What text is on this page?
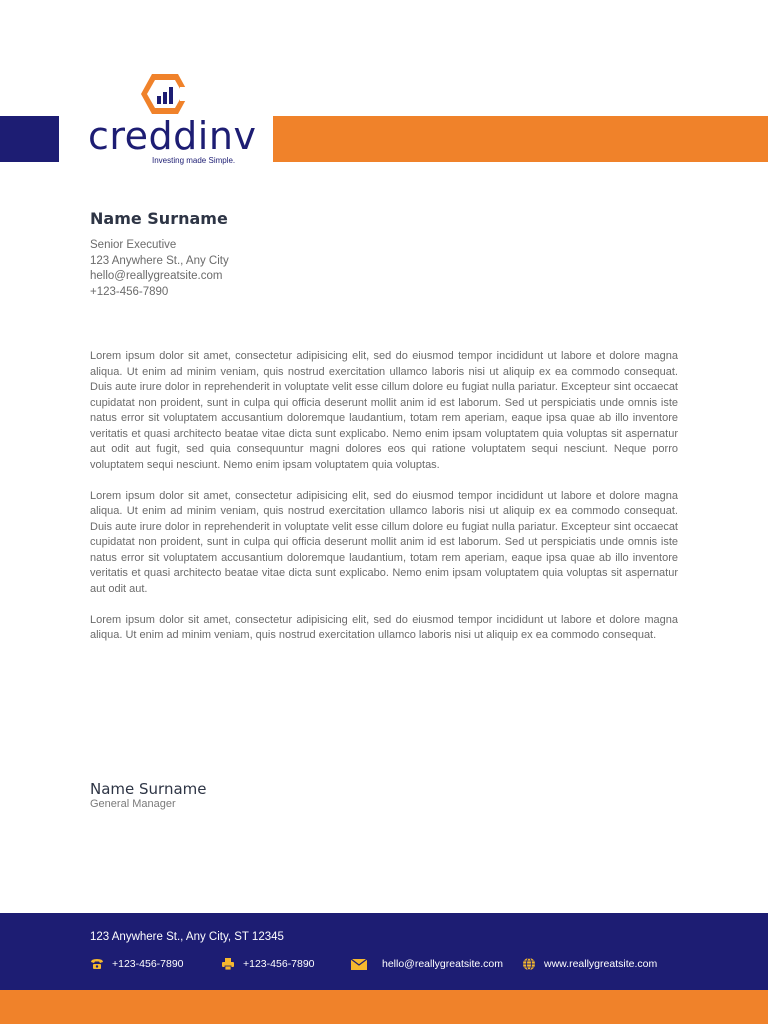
creddinv
Investing made Simple.
Name Surname
Senior Executive
123 Anywhere St., Any City
hello@reallygreatsite.com
+123-456-7890

Lorem ipsum dolor sit amet, consectetur adipisicing elit, sed do eiusmod tempor incididunt ut labore et dolore magna aliqua. Ut enim ad minim veniam, quis nostrud exercitation ullamco laboris nisi ut aliquip ex ea commodo consequat. Duis aute irure dolor in reprehenderit in voluptate velit esse cillum dolore eu fugiat nulla pariatur. Excepteur sint occaecat cupidatat non proident, sunt in culpa qui officia deserunt mollit anim id est laborum. Sed ut perspiciatis unde omnis iste natus error sit voluptatem accusantium doloremque laudantium, totam rem aperiam, eaque ipsa quae ab illo inventore veritatis et quasi architecto beatae vitae dicta sunt explicabo. Nemo enim ipsam voluptatem quia voluptas sit aspernatur aut odit aut fugit, sed quia consequuntur magni dolores eos qui ratione voluptatem sequi nesciunt. Neque porro voluptatem sequi nesciunt. Nemo enim ipsam voluptatem quia voluptas.

Lorem ipsum dolor sit amet, consectetur adipisicing elit, sed do eiusmod tempor incididunt ut labore et dolore magna aliqua. Ut enim ad minim veniam, quis nostrud exercitation ullamco laboris nisi ut aliquip ex ea commodo consequat. Duis aute irure dolor in reprehenderit in voluptate velit esse cillum dolore eu fugiat nulla pariatur. Excepteur sint occaecat cupidatat non proident, sunt in culpa qui officia deserunt mollit anim id est laborum. Sed ut perspiciatis unde omnis iste natus error sit voluptatem accusantium doloremque laudantium, totam rem aperiam, eaque ipsa quae ab illo inventore veritatis et quasi architecto beatae vitae dicta sunt explicabo. Nemo enim ipsam voluptatem quia voluptas sit aspernatur aut odit aut.

Lorem ipsum dolor sit amet, consectetur adipisicing elit, sed do eiusmod tempor incididunt ut labore et dolore magna aliqua. Ut enim ad minim veniam, quis nostrud exercitation ullamco laboris nisi ut aliquip ex ea commodo consequat.

Name Surname
General Manager
123 Anywhere St., Any City, ST 12345
+123-456-7890	+123-456-7890	hello@reallygreatsite.com	www.reallygreatsite.com
